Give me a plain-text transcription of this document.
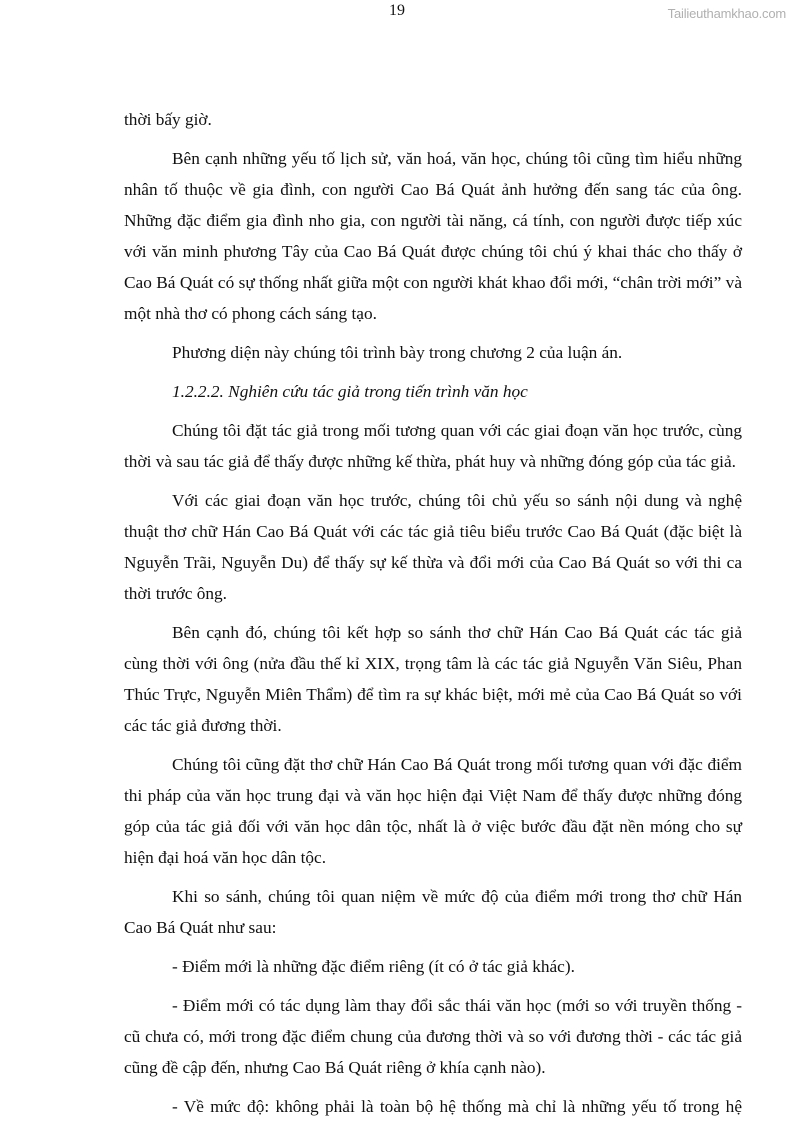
19	Tailieuthamkhao.com

thời bấy giờ.

Bên cạnh những yếu tố lịch sử, văn hoá, văn học, chúng tôi cũng tìm hiểu những nhân tố thuộc về gia đình, con người Cao Bá Quát ảnh hưởng đến sang tác của ông. Những đặc điểm gia đình nho gia, con người tài năng, cá tính, con người được tiếp xúc với văn minh phương Tây của Cao Bá Quát được chúng tôi chú ý khai thác cho thấy ở Cao Bá Quát có sự thống nhất giữa một con người khát khao đổi mới, “chân trời mới” và một nhà thơ có phong cách sáng tạo.

Phương diện này chúng tôi trình bày trong chương 2 của luận án.

1.2.2.2. Nghiên cứu tác giả trong tiến trình văn học

Chúng tôi đặt tác giả trong mối tương quan với các giai đoạn văn học trước, cùng thời và sau tác giả để thấy được những kế thừa, phát huy và những đóng góp của tác giả.

Với các giai đoạn văn học trước, chúng tôi chủ yếu so sánh nội dung và nghệ thuật thơ chữ Hán Cao Bá Quát với các tác giả tiêu biểu trước Cao Bá Quát (đặc biệt là Nguyễn Trãi, Nguyễn Du) để thấy sự kế thừa và đổi mới của Cao Bá Quát so với thi ca thời trước ông.

Bên cạnh đó, chúng tôi kết hợp so sánh thơ chữ Hán Cao Bá Quát các tác giả cùng thời với ông (nửa đầu thế kỉ XIX, trọng tâm là các tác giả Nguyễn Văn Siêu, Phan Thúc Trực, Nguyễn Miên Thẩm) để tìm ra sự khác biệt, mới mẻ của Cao Bá Quát so với các tác giả đương thời.

Chúng tôi cũng đặt thơ chữ Hán Cao Bá Quát trong mối tương quan với đặc điểm thi pháp của văn học trung đại và văn học hiện đại Việt Nam để thấy được những đóng góp của tác giả đối với văn học dân tộc, nhất là ở việc bước đầu đặt nền móng cho sự hiện đại hoá văn học dân tộc.

Khi so sánh, chúng tôi quan niệm về mức độ của điểm mới trong thơ chữ Hán Cao Bá Quát như sau:

- Điểm mới là những đặc điểm riêng (ít có ở tác giả khác).

- Điểm mới có tác dụng làm thay đổi sắc thái văn học (mới so với truyền thống - cũ chưa có, mới trong đặc điểm chung của đương thời và so với đương thời - các tác giả cũng đề cập đến, nhưng Cao Bá Quát riêng ở khía cạnh nào).

- Về mức độ: không phải là toàn bộ hệ thống mà chỉ là những yếu tố trong hệ
